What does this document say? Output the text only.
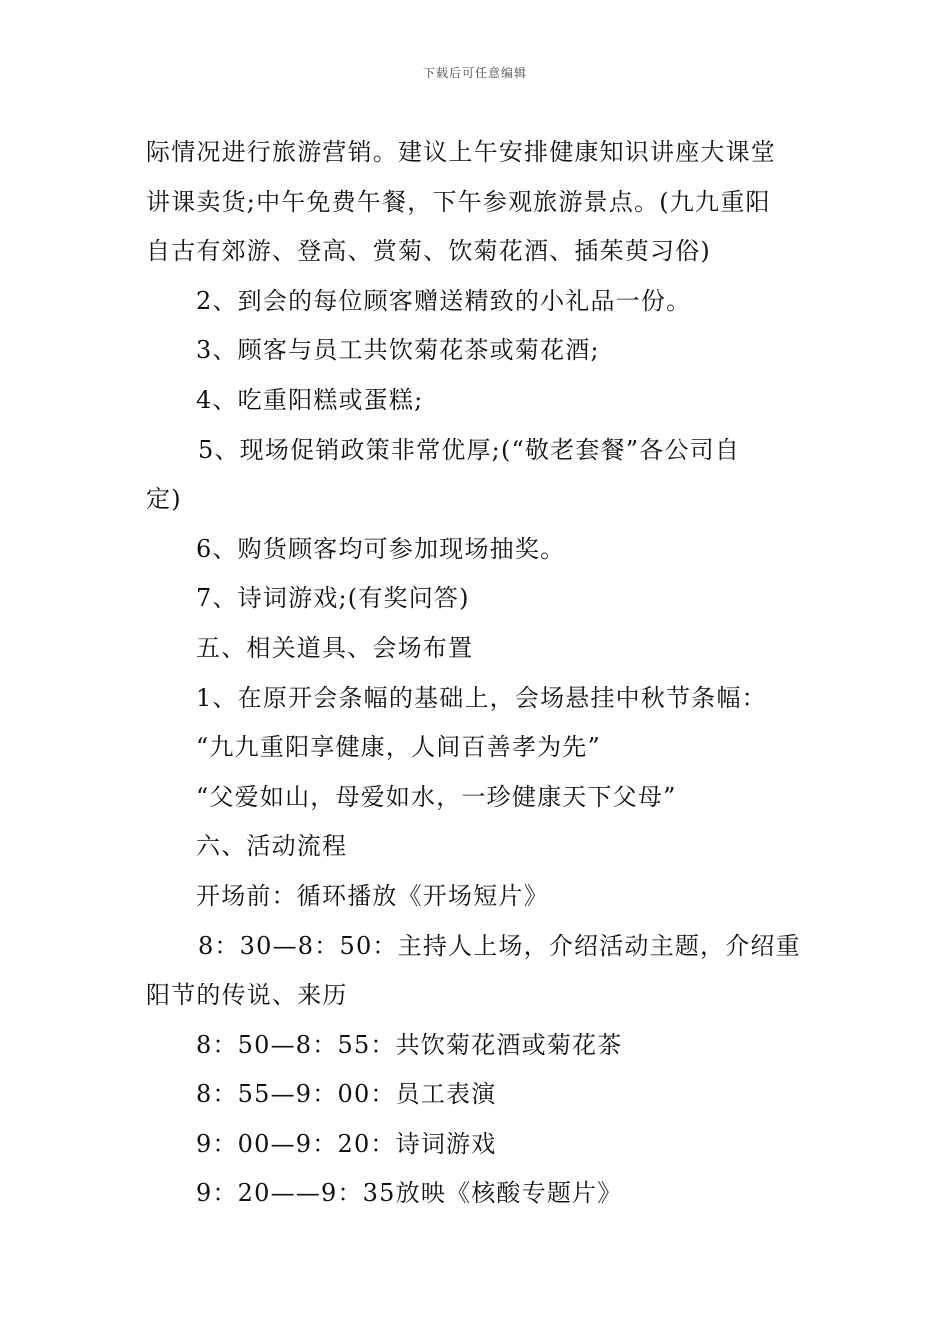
下载后可任意编辑

际情况进行旅游营销。建议上午安排健康知识讲座大课堂

讲课卖货;中午免费午餐，下午参观旅游景点。(九九重阳

自古有郊游、登高、赏菊、饮菊花酒、插茱萸习俗)

2、到会的每位顾客赠送精致的小礼品一份。

3、顾客与员工共饮菊花茶或菊花酒;

4、吃重阳糕或蛋糕;

5、现场促销政策非常优厚;(“敬老套餐”各公司自

定)

6、购货顾客均可参加现场抽奖。

7、诗词游戏;(有奖问答)

五、相关道具、会场布置

1、在原开会条幅的基础上，会场悬挂中秋节条幅：

“九九重阳享健康，人间百善孝为先”

“父爱如山，母爱如水，一珍健康天下父母”

六、活动流程

开场前：循环播放《开场短片》

8：30—8：50：主持人上场，介绍活动主题，介绍重

阳节的传说、来历

8：50—8：55：共饮菊花酒或菊花茶

8：55—9：00：员工表演

9：00—9：20：诗词游戏

9：20——9：35放映《核酸专题片》
